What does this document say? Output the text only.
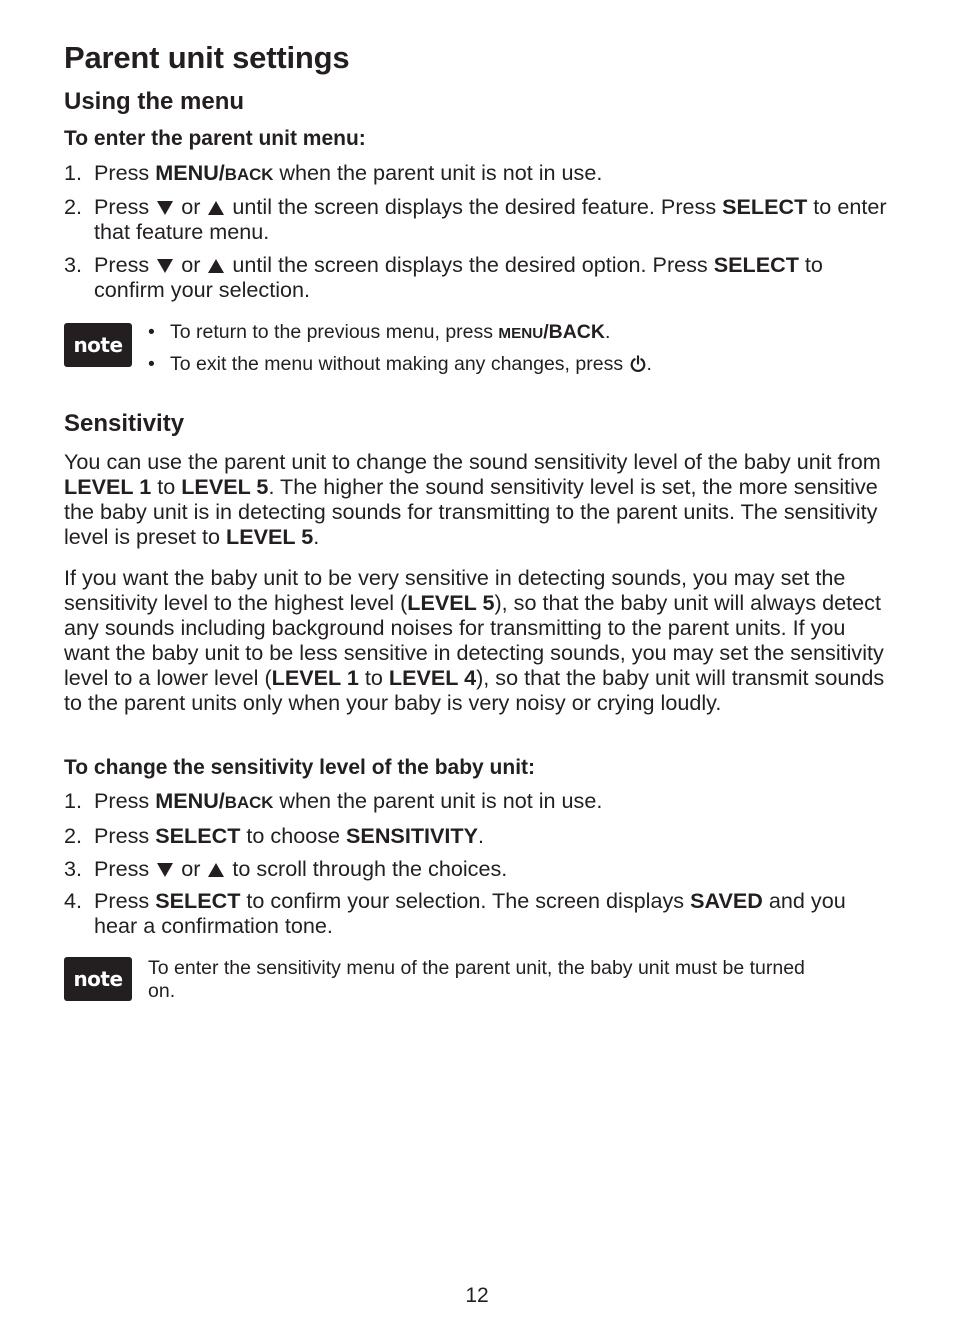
Parent unit settings
Using the menu
To enter the parent unit menu:
1. Press MENU/BACK when the parent unit is not in use.
2. Press  or  until the screen displays the desired feature. Press SELECT to enter that feature menu.
3. Press  or  until the screen displays the desired option. Press SELECT to confirm your selection.
note
• To return to the previous menu, press MENU/BACK.
• To exit the menu without making any changes, press .
Sensitivity
You can use the parent unit to change the sound sensitivity level of the baby unit from LEVEL 1 to LEVEL 5. The higher the sound sensitivity level is set, the more sensitive the baby unit is in detecting sounds for transmitting to the parent units. The sensitivity level is preset to LEVEL 5.
If you want the baby unit to be very sensitive in detecting sounds, you may set the sensitivity level to the highest level (LEVEL 5), so that the baby unit will always detect any sounds including background noises for transmitting to the parent units. If you want the baby unit to be less sensitive in detecting sounds, you may set the sensitivity level to a lower level (LEVEL 1 to LEVEL 4), so that the baby unit will transmit sounds to the parent units only when your baby is very noisy or crying loudly.
To change the sensitivity level of the baby unit:
1. Press MENU/BACK when the parent unit is not in use.
2. Press SELECT to choose SENSITIVITY.
3. Press  or  to scroll through the choices.
4. Press SELECT to confirm your selection. The screen displays SAVED and you hear a confirmation tone.
note	To enter the sensitivity menu of the parent unit, the baby unit must be turned on.
12
